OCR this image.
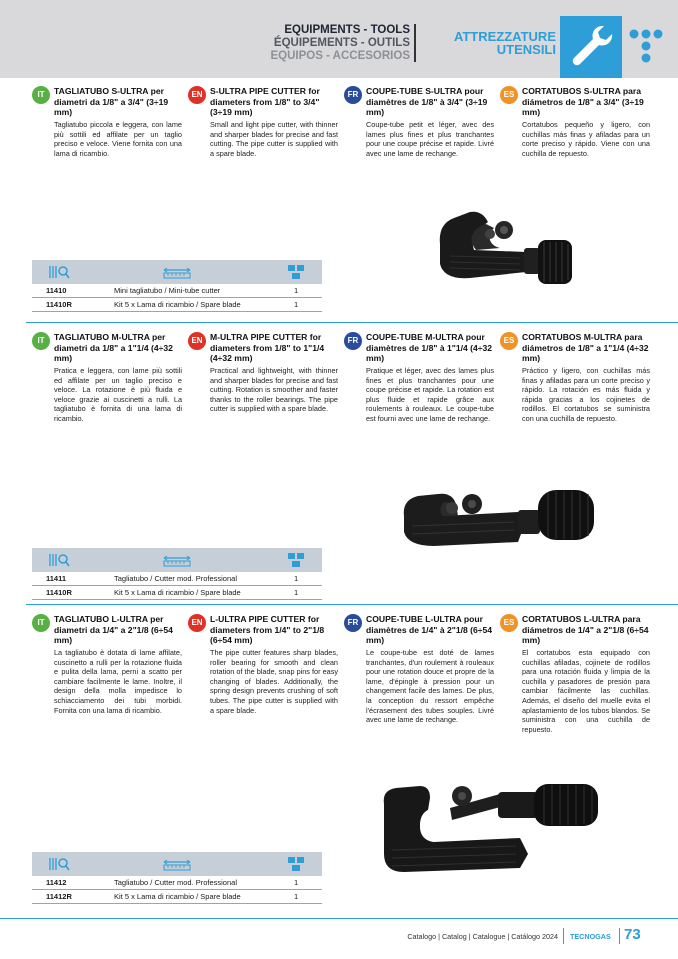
EQUIPMENTS - TOOLS
ÉQUIPEMENTS - OUTILS
EQUIPOS - ACCESORIOS
ATTREZZATURE
UTENSILI
IT	TAGLIATUBO S-ULTRA per diametri da 1/8" a 3/4" (3÷19 mm)
Tagliatubo piccola e leggera, con lame più sottili ed affilate per un taglio preciso e veloce. Viene fornita con una lama di ricambio.
EN S-ULTRA PIPE CUTTER for diameters from 1/8" to 3/4" (3÷19 mm)
Small and light pipe cutter, with thinner and sharper blades for precise and fast cutting. The pipe cutter is supplied with a spare blade.
FR COUPE-TUBE S-ULTRA pour diamètres de 1/8" à 3/4" (3÷19 mm)
Coupe-tube petit et léger, avec des lames plus fines et plus tranchantes pour une coupe précise et rapide. Livré avec une lame de rechange.
ES CORTATUBOS S-ULTRA para diámetros de 1/8" a 3/4" (3÷19 mm)
Cortatubos pequeño y ligero, con cuchillas más finas y afiladas para un corte preciso y rápido. Viene con una cuchilla de repuesto.
11410	Mini tagliatubo / Mini-tube cutter	1
11410R	Kit 5 x Lama di ricambio / Spare blade	1
IT	TAGLIATUBO M-ULTRA per diametri da 1/8" a 1"1/4 (4÷32 mm)
Pratica e leggera, con lame più sottili ed affilate per un taglio preciso e veloce. La rotazione è più fluida e veloce grazie ai cuscinetti a rulli. La tagliatubo è fornita di una lama di ricambio.
EN M-ULTRA PIPE CUTTER for diameters from 1/8" to 1"1/4 (4÷32 mm)
Practical and lightweight, with thinner and sharper blades for precise and fast cutting. Rotation is smoother and faster thanks to the roller bearings. The pipe cutter is supplied with a spare blade.
FR COUPE-TUBE M-ULTRA pour diamètres de 1/8" à 1"1/4 (4÷32 mm)
Pratique et léger, avec des lames plus fines et plus tranchantes pour une coupe précise et rapide. La rotation est plus fluide et rapide grâce aux roulements à rouleaux. Le coupe-tube est fourni avec une lame de rechange.
ES CORTATUBOS M-ULTRA para diámetros de 1/8" a 1"1/4 (4÷32 mm)
Práctico y ligero, con cuchillas más finas y afiladas para un corte preciso y rápido. La rotación es más fluida y rápida gracias a los cojinetes de rodillos. El cortatubos se suministra con una cuchilla de repuesto.
11411	Tagliatubo / Cutter mod. Professional	1
11410R	Kit 5 x Lama di ricambio / Spare blade	1
IT	TAGLIATUBO L-ULTRA per diametri da 1/4" a 2"1/8 (6÷54 mm)
La tagliatubo è dotata di lame affilate, cuscinetto a rulli per la rotazione fluida e pulita della lama, perni a scatto per cambiare facilmente le lame. Inoltre, il design della molla impedisce lo schiacciamento dei tubi morbidi. Fornita con una lama di ricambio.
EN L-ULTRA PIPE CUTTER for diameters from 1/4" to 2"1/8 (6÷54 mm)
The pipe cutter features sharp blades, roller bearing for smooth and clean rotation of the blade, snap pins for easy changing of blades. Additionally, the spring design prevents crushing of soft tubes. The pipe cutter is supplied with a spare blade.
FR COUPE-TUBE L-ULTRA pour diamètres de 1/4" à 2"1/8 (6÷54 mm)
Le coupe-tube est doté de lames tranchantes, d'un roulement à rouleaux pour une rotation douce et propre de la lame, d'épingle à pression pour un changement facile des lames. De plus, la conception du ressort empêche l'écrasement des tubes souples. Livré avec une lame de rechange.
ES CORTATUBOS L-ULTRA para diámetros de 1/4" a 2"1/8 (6÷54 mm)
El cortatubos esta equipado con cuchillas afiladas, cojinete de rodillos para una rotación fluida y limpia de la cuchilla y pasadores de presión para cambiar fácilmente las cuchillas. Además, el diseño del muelle evita el aplastamiento de los tubos blandos. Se suministra con una cuchilla de repuesto.
11412	Tagliatubo / Cutter mod. Professional	1
11412R	Kit 5 x Lama di ricambio / Spare blade	1
Catalogo | Catalog | Catalogue | Catálogo 2024 TECNOGAS 73
